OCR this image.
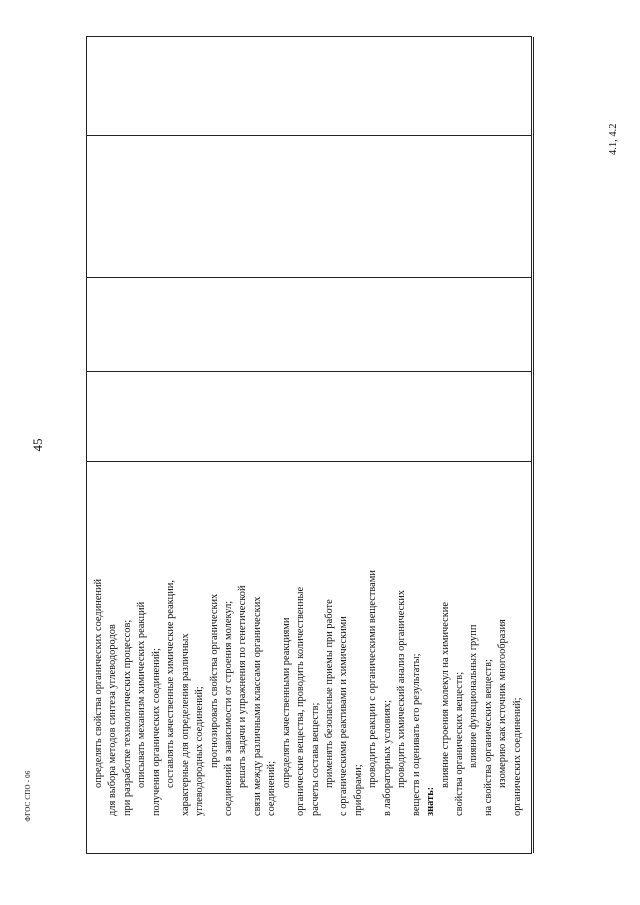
45
ФГОС СПО - 06
4.1, 4.2
определять свойства органических соединений для выбора методов синтеза углеводородов при разработке технологических процессов; описывать механизм химических реакций получения органических соединений; составлять качественные химические реакции, характерные для определения различных углеводородных соединений; прогнозировать свойства органических соединений в зависимости от строения молекул; решать задачи и упражнения по генетической связи между различными классами органических соединений;
определять качественными реакциями органические вещества, проводить количественные расчеты состава веществ; применять безопасные приемы при работе с органическими реактивами и химическими приборами;
проводить реакции с органическими веществами в лабораторных условиях; проводить химический анализ органических веществ и оценивать его результаты; знать:
влияние строения молекул на химические свойства органических веществ; влияние функциональных групп на свойства органических веществ; изомерию как источник многообразия органических соединений;
